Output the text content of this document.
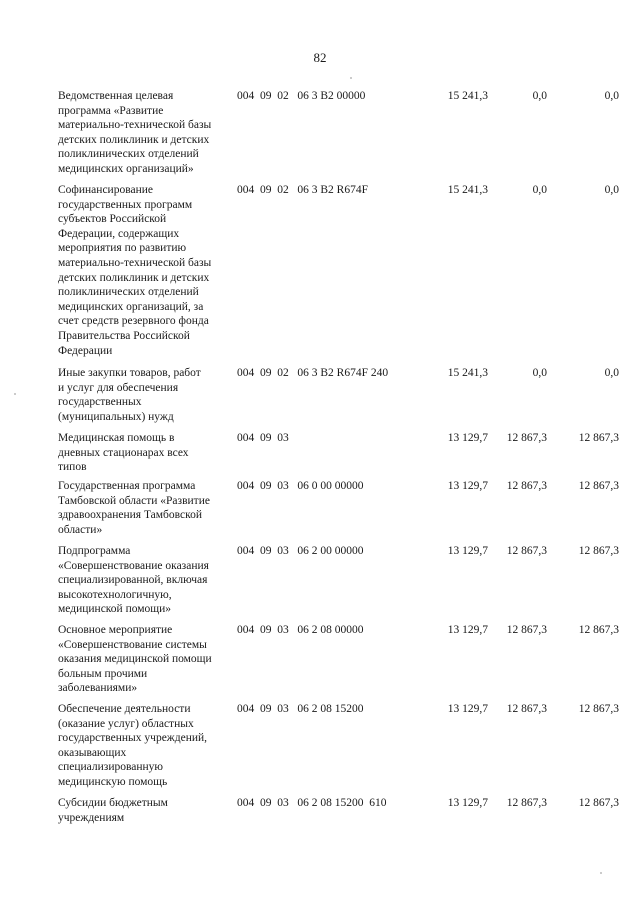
82
Ведомственная целевая
программа «Развитие
материально-технической базы
детских поликлиник и детских
поликлинических отделений
медицинских организаций»
004  09  02   06 3 В2 00000	15 241,3	0,0	0,0
Софинансирование
государственных программ
субъектов Российской
Федерации, содержащих
мероприятия по развитию
материально-технической базы
детских поликлиник и детских
поликлинических отделений
медицинских организаций, за
счет средств резервного фонда
Правительства Российской
Федерации
004  09  02   06 3 В2 R674F	15 241,3	0,0	0,0
Иные закупки товаров, работ
и услуг для обеспечения
государственных
(муниципальных) нужд
004  09  02   06 3 В2 R674F 240	15 241,3	0,0	0,0
Медицинская помощь в
дневных стационарах всех
типов
004  09  03	13 129,7	12 867,3	12 867,3
Государственная программа
Тамбовской области «Развитие
здравоохранения Тамбовской
области»
004  09  03   06 0 00 00000	13 129,7	12 867,3	12 867,3
Подпрограмма
«Совершенствование оказания
специализированной, включая
высокотехнологичную,
медицинской помощи»
004  09  03   06 2 00 00000	13 129,7	12 867,3	12 867,3
Основное мероприятие
«Совершенствование системы
оказания медицинской помощи
больным прочими
заболеваниями»
004  09  03   06 2 08 00000	13 129,7	12 867,3	12 867,3
Обеспечение деятельности
(оказание услуг) областных
государственных учреждений,
оказывающих
специализированную
медицинскую помощь
004  09  03   06 2 08 15200	13 129,7	12 867,3	12 867,3
Субсидии бюджетным
учреждениям
004  09  03   06 2 08 15200  610	13 129,7	12 867,3	12 867,3
